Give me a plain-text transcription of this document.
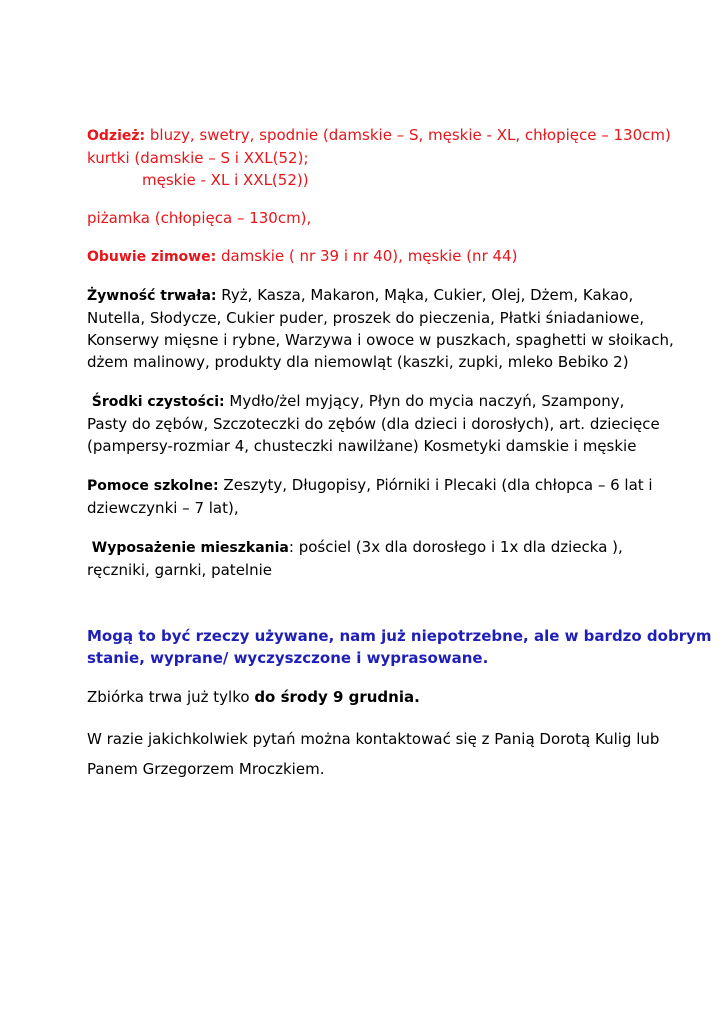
Odzież: bluzy, swetry, spodnie (damskie – S, męskie - XL, chłopięce – 130cm)
kurtki (damskie – S i XXL(52);
męskie - XL i XXL(52))
piżamka (chłopięca – 130cm),
Obuwie zimowe: damskie ( nr 39 i nr 40), męskie (nr 44)
Żywność trwała: Ryż, Kasza, Makaron, Mąka, Cukier, Olej, Dżem, Kakao,
Nutella, Słodycze, Cukier puder, proszek do pieczenia, Płatki śniadaniowe,
Konserwy mięsne i rybne, Warzywa i owoce w puszkach, spaghetti w słoikach,
dżem malinowy, produkty dla niemowląt (kaszki, zupki, mleko Bebiko 2)
Środki czystości: Mydło/żel myjący, Płyn do mycia naczyń, Szampony,
Pasty do zębów, Szczoteczki do zębów (dla dzieci i dorosłych), art. dziecięce
(pampersy-rozmiar 4, chusteczki nawilżane) Kosmetyki damskie i męskie
Pomoce szkolne: Zeszyty, Długopisy, Piórniki i Plecaki (dla chłopca – 6 lat i
dziewczynki – 7 lat),
Wyposażenie mieszkania: pościel (3x dla dorosłego i 1x dla dziecka ),
ręczniki, garnki, patelnie
Mogą to być rzeczy używane, nam już niepotrzebne, ale w bardzo dobrym
stanie, wyprane/ wyczyszczone i wyprasowane.
Zbiórka trwa już tylko do środy 9 grudnia.
W razie jakichkolwiek pytań można kontaktować się z Panią Dorotą Kulig lub
Panem Grzegorzem Mroczkiem.
